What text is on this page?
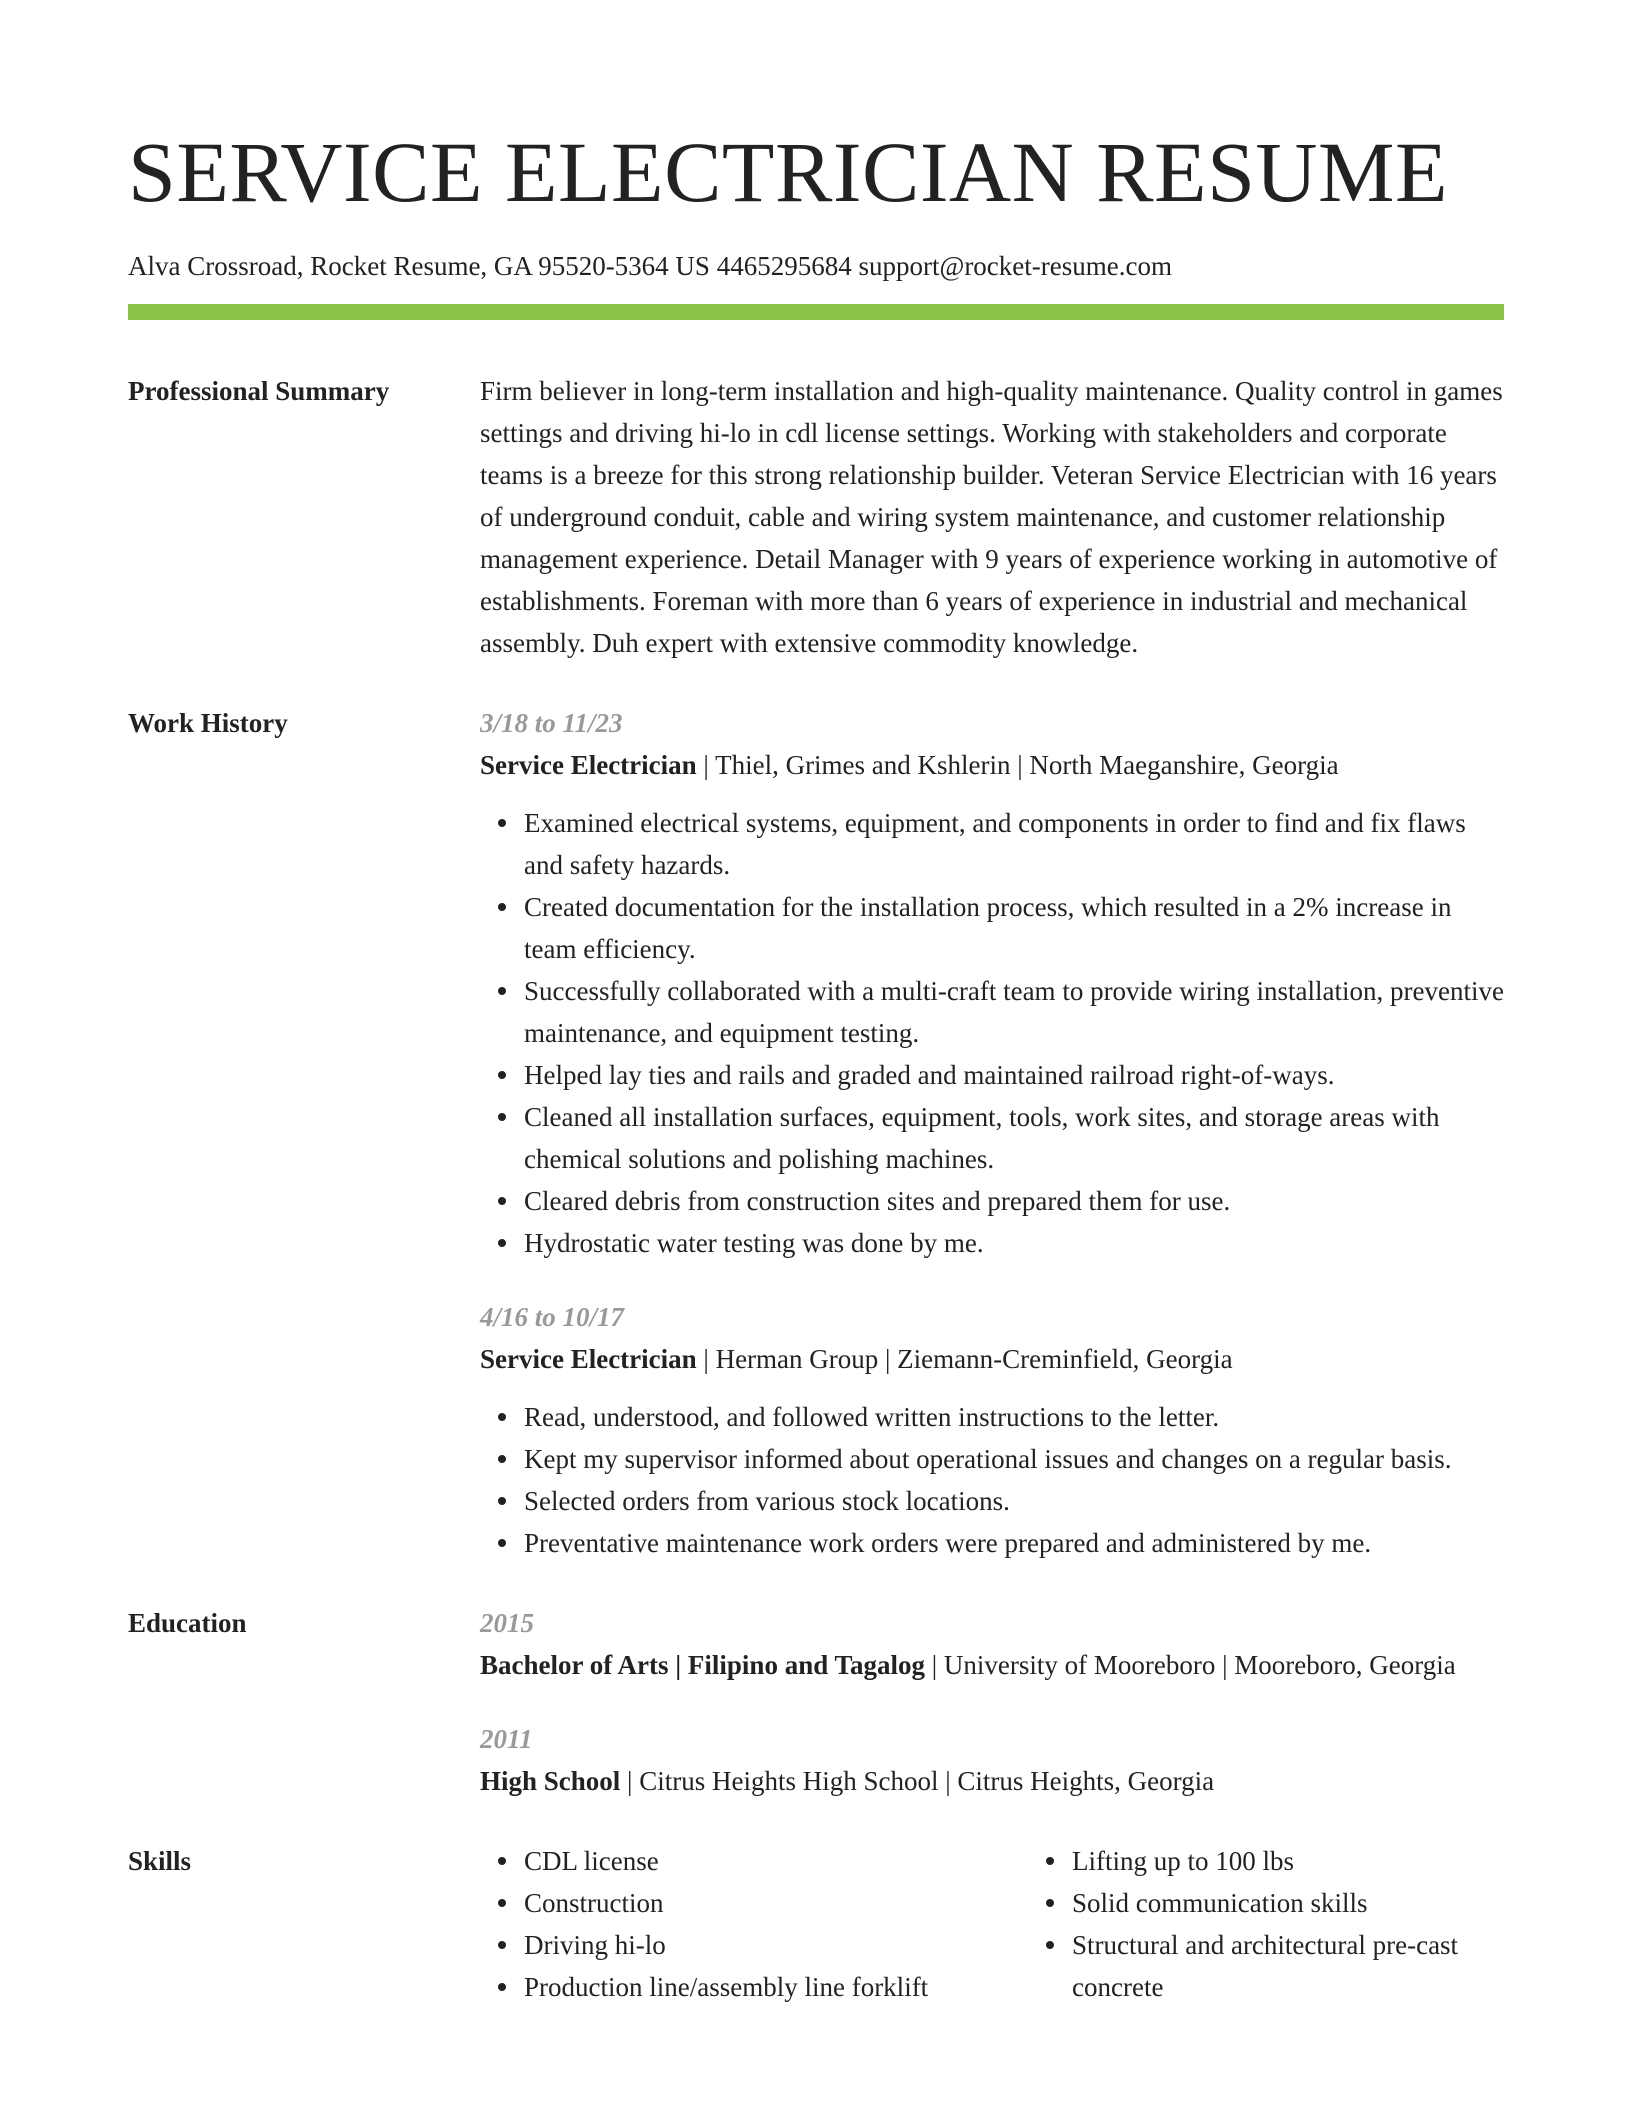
SERVICE ELECTRICIAN RESUME
Alva Crossroad, Rocket Resume, GA 95520-5364 US 4465295684 support@rocket-resume.com
Professional Summary	Firm believer in long-term installation and high-quality maintenance. Quality control in games settings and driving hi-lo in cdl license settings. Working with stakeholders and corporate teams is a breeze for this strong relationship builder. Veteran Service Electrician with 16 years of underground conduit, cable and wiring system maintenance, and customer relationship management experience. Detail Manager with 9 years of experience working in automotive of establishments. Foreman with more than 6 years of experience in industrial and mechanical assembly. Duh expert with extensive commodity knowledge.
Work History	3/18 to 11/23
Service Electrician | Thiel, Grimes and Kshlerin | North Maeganshire, Georgia
Examined electrical systems, equipment, and components in order to find and fix flaws and safety hazards.
Created documentation for the installation process, which resulted in a 2% increase in team efficiency.
Successfully collaborated with a multi-craft team to provide wiring installation, preventive maintenance, and equipment testing.
Helped lay ties and rails and graded and maintained railroad right-of-ways.
Cleaned all installation surfaces, equipment, tools, work sites, and storage areas with chemical solutions and polishing machines.
Cleared debris from construction sites and prepared them for use.
Hydrostatic water testing was done by me.
4/16 to 10/17
Service Electrician | Herman Group | Ziemann-Creminfield, Georgia
Read, understood, and followed written instructions to the letter.
Kept my supervisor informed about operational issues and changes on a regular basis.
Selected orders from various stock locations.
Preventative maintenance work orders were prepared and administered by me.
Education	2015
Bachelor of Arts | Filipino and Tagalog | University of Mooreboro | Mooreboro, Georgia
2011
High School | Citrus Heights High School | Citrus Heights, Georgia
Skills	CDL license
Construction
Driving hi-lo
Production line/assembly line forklift
Lifting up to 100 lbs
Solid communication skills
Structural and architectural pre-cast concrete
